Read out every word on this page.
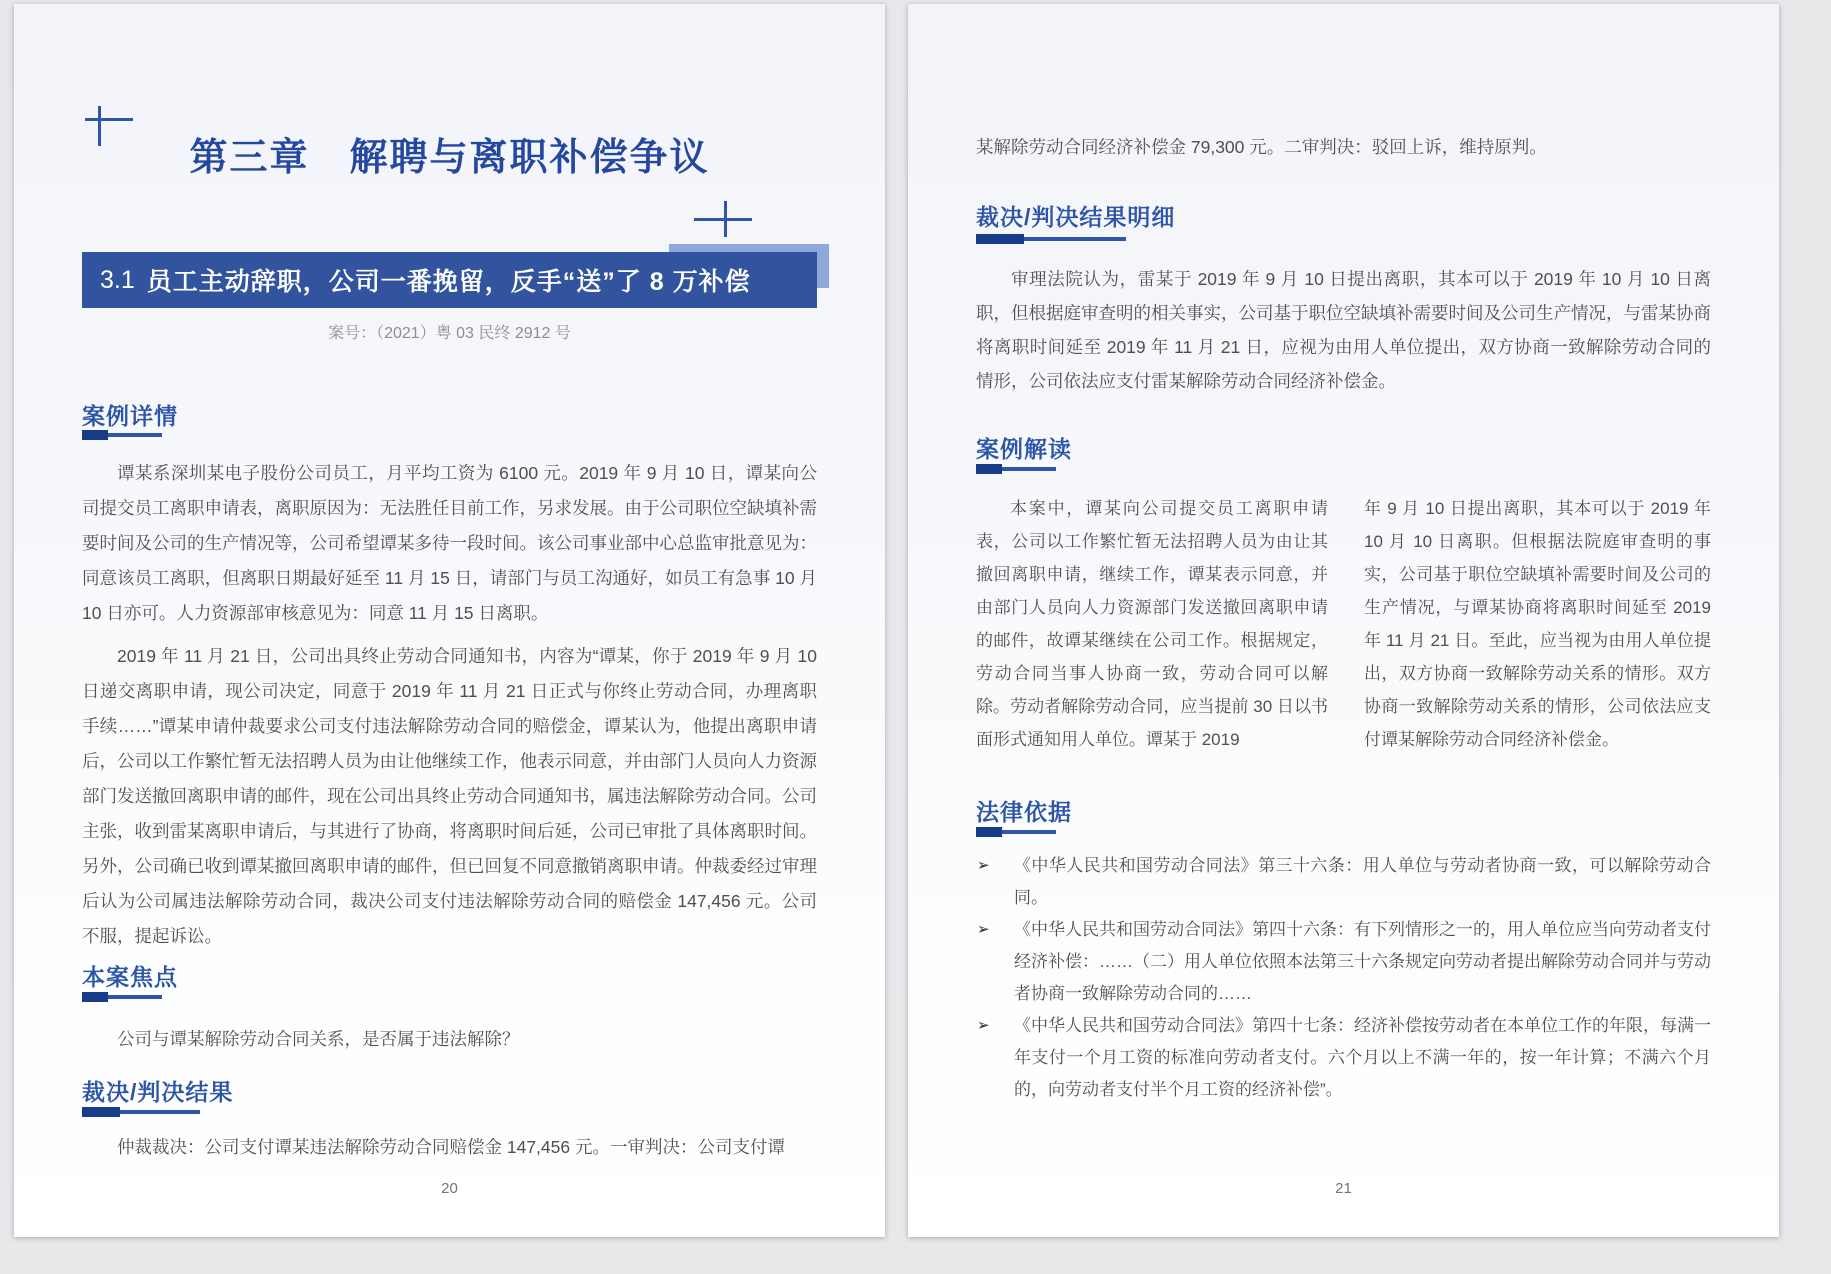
第三章　解聘与离职补偿争议
3.1 员工主动辞职，公司一番挽留，反手“送”了 8 万补偿
案号：（2021）粤 03 民终 2912 号
案例详情
谭某系深圳某电子股份公司员工，月平均工资为 6100 元。2019 年 9 月 10 日，谭某向公司提交员工离职申请表，离职原因为：无法胜任目前工作，另求发展。由于公司职位空缺填补需要时间及公司的生产情况等，公司希望谭某多待一段时间。该公司事业部中心总监审批意见为：同意该员工离职，但离职日期最好延至 11 月 15 日，请部门与员工沟通好，如员工有急事 10 月 10 日亦可。人力资源部审核意见为：同意 11 月 15 日离职。
2019 年 11 月 21 日，公司出具终止劳动合同通知书，内容为“谭某，你于 2019 年 9 月 10 日递交离职申请，现公司决定，同意于 2019 年 11 月 21 日正式与你终止劳动合同，办理离职手续……”谭某申请仲裁要求公司支付违法解除劳动合同的赔偿金，谭某认为，他提出离职申请后，公司以工作繁忙暂无法招聘人员为由让他继续工作，他表示同意，并由部门人员向人力资源部门发送撤回离职申请的邮件，现在公司出具终止劳动合同通知书，属违法解除劳动合同。公司主张，收到雷某离职申请后，与其进行了协商，将离职时间后延，公司已审批了具体离职时间。另外，公司确已收到谭某撤回离职申请的邮件，但已回复不同意撤销离职申请。仲裁委经过审理后认为公司属违法解除劳动合同，裁决公司支付违法解除劳动合同的赔偿金 147,456 元。公司不服，提起诉讼。
本案焦点
公司与谭某解除劳动合同关系，是否属于违法解除？
裁决/判决结果
仲裁裁决：公司支付谭某违法解除劳动合同赔偿金 147,456 元。一审判决：公司支付谭
20
某解除劳动合同经济补偿金 79,300 元。二审判决：驳回上诉，维持原判。
裁决/判决结果明细
审理法院认为，雷某于 2019 年 9 月 10 日提出离职，其本可以于 2019 年 10 月 10 日离职，但根据庭审查明的相关事实，公司基于职位空缺填补需要时间及公司生产情况，与雷某协商将离职时间延至 2019 年 11 月 21 日，应视为由用人单位提出，双方协商一致解除劳动合同的情形，公司依法应支付雷某解除劳动合同经济补偿金。
案例解读
本案中，谭某向公司提交员工离职申请表，公司以工作繁忙暂无法招聘人员为由让其撤回离职申请，继续工作，谭某表示同意，并由部门人员向人力资源部门发送撤回离职申请的邮件，故谭某继续在公司工作。根据规定，劳动合同当事人协商一致，劳动合同可以解除。劳动者解除劳动合同，应当提前 30 日以书面形式通知用人单位。谭某于 2019
年 9 月 10 日提出离职，其本可以于 2019 年 10 月 10 日离职。但根据法院庭审查明的事实，公司基于职位空缺填补需要时间及公司的生产情况，与谭某协商将离职时间延至 2019 年 11 月 21 日。至此，应当视为由用人单位提出，双方协商一致解除劳动关系的情形。双方协商一致解除劳动关系的情形，公司依法应支付谭某解除劳动合同经济补偿金。
法律依据
➢	《中华人民共和国劳动合同法》第三十六条：用人单位与劳动者协商一致，可以解除劳动合同。
➢	《中华人民共和国劳动合同法》第四十六条：有下列情形之一的，用人单位应当向劳动者支付经济补偿：……（二）用人单位依照本法第三十六条规定向劳动者提出解除劳动合同并与劳动者协商一致解除劳动合同的……
➢	《中华人民共和国劳动合同法》第四十七条：经济补偿按劳动者在本单位工作的年限，每满一年支付一个月工资的标准向劳动者支付。六个月以上不满一年的，按一年计算；不满六个月的，向劳动者支付半个月工资的经济补偿”。
21
